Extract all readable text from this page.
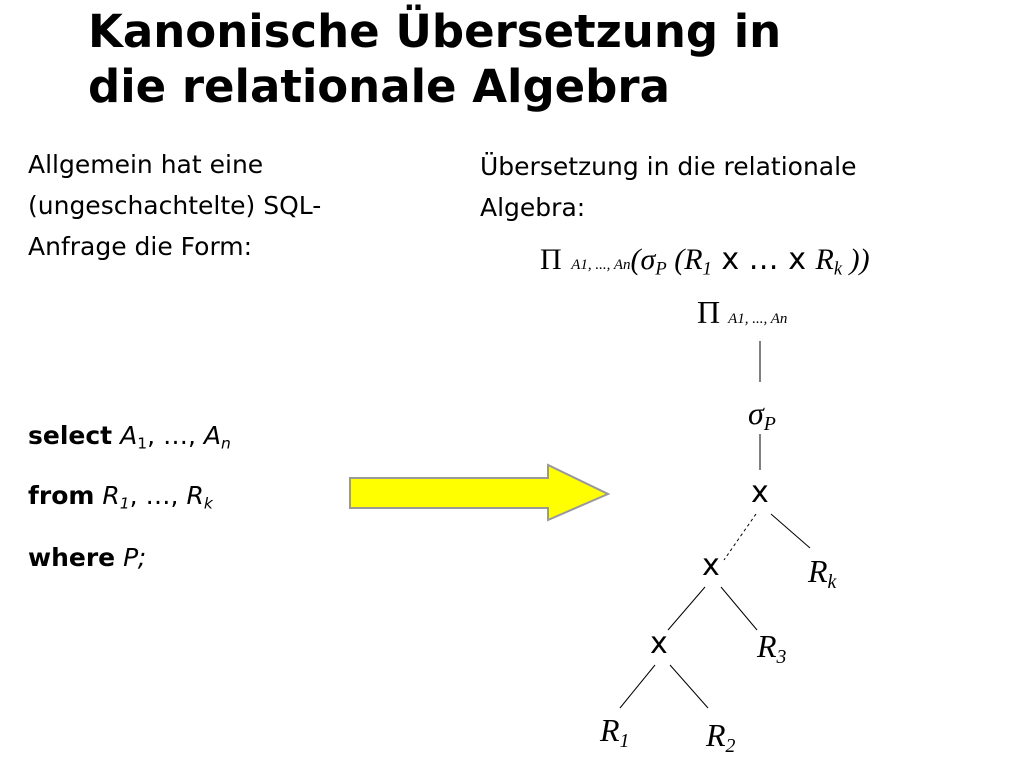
Kanonische Übersetzung in
die relationale Algebra
Allgemein hat eine
(ungeschachtelte) SQL-
Anfrage die Form:
select $A_1$, …, $A_n$
from $R_1$, …, $R_k$
where P;
Übersetzung in die relationale
Algebra:
Π A1, ..., $An(\sigma_P$ ($R_1$ x … x $R_k$ ))
Π A1, ..., An
$\sigma_P$
x
x
x
$R_k$
$R_3$
$R_1$ $R_2$
